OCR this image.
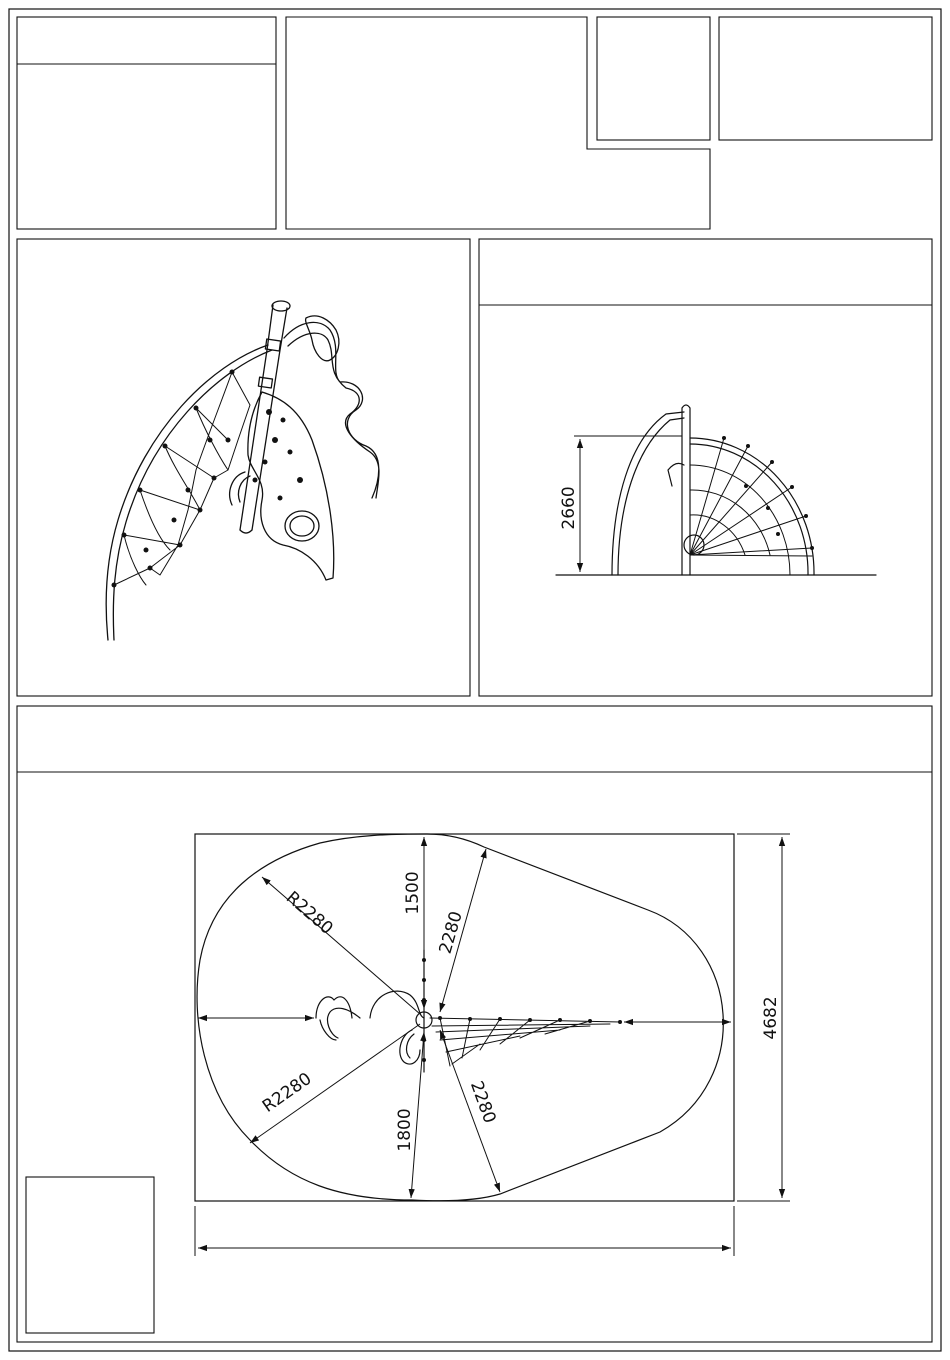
2660
1500
2280
R2280
R2280
1800
2280
4682
